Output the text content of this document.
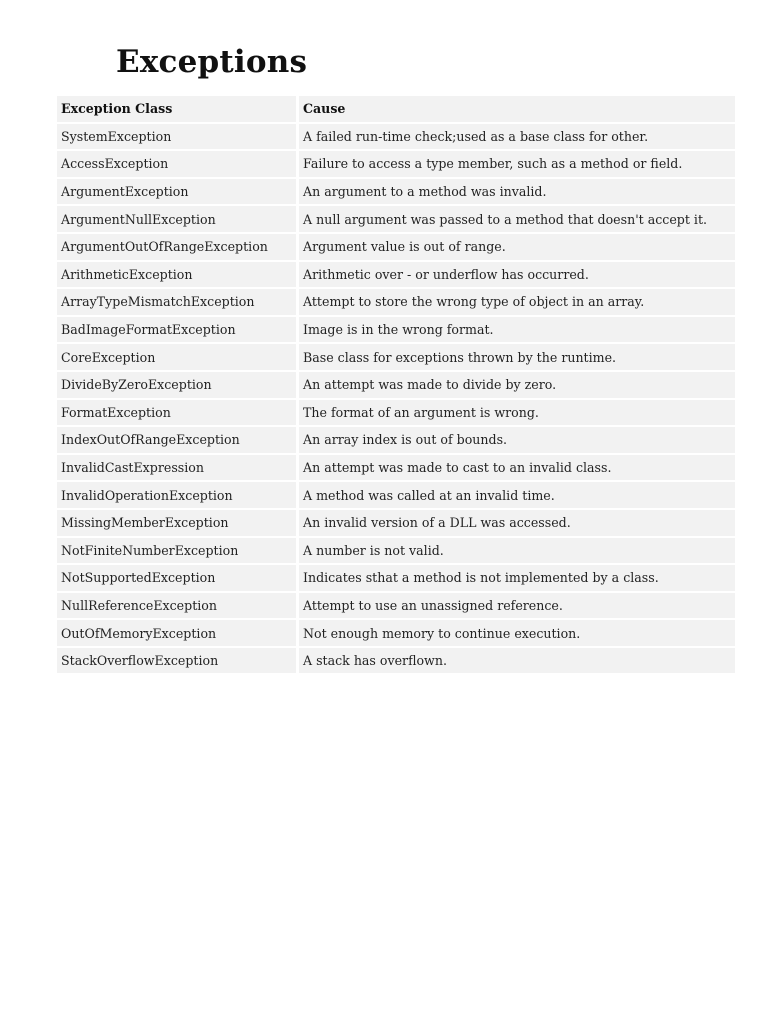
Exceptions
Exception Class	Cause
SystemException	A failed run-time check;used as a base class for other.
AccessException	Failure to access a type member, such as a method or field.
ArgumentException	An argument to a method was invalid.
ArgumentNullException	A null argument was passed to a method that doesn't accept it.
ArgumentOutOfRangeException	Argument value is out of range.
ArithmeticException	Arithmetic over - or underflow has occurred.
ArrayTypeMismatchException	Attempt to store the wrong type of object in an array.
BadImageFormatException	Image is in the wrong format.
CoreException	Base class for exceptions thrown by the runtime.
DivideByZeroException	An attempt was made to divide by zero.
FormatException	The format of an argument is wrong.
IndexOutOfRangeException	An array index is out of bounds.
InvalidCastExpression	An attempt was made to cast to an invalid class.
InvalidOperationException	A method was called at an invalid time.
MissingMemberException	An invalid version of a DLL was accessed.
NotFiniteNumberException	A number is not valid.
NotSupportedException	Indicates sthat a method is not implemented by a class.
NullReferenceException	Attempt to use an unassigned reference.
OutOfMemoryException	Not enough memory to continue execution.
StackOverflowException	A stack has overflown.
